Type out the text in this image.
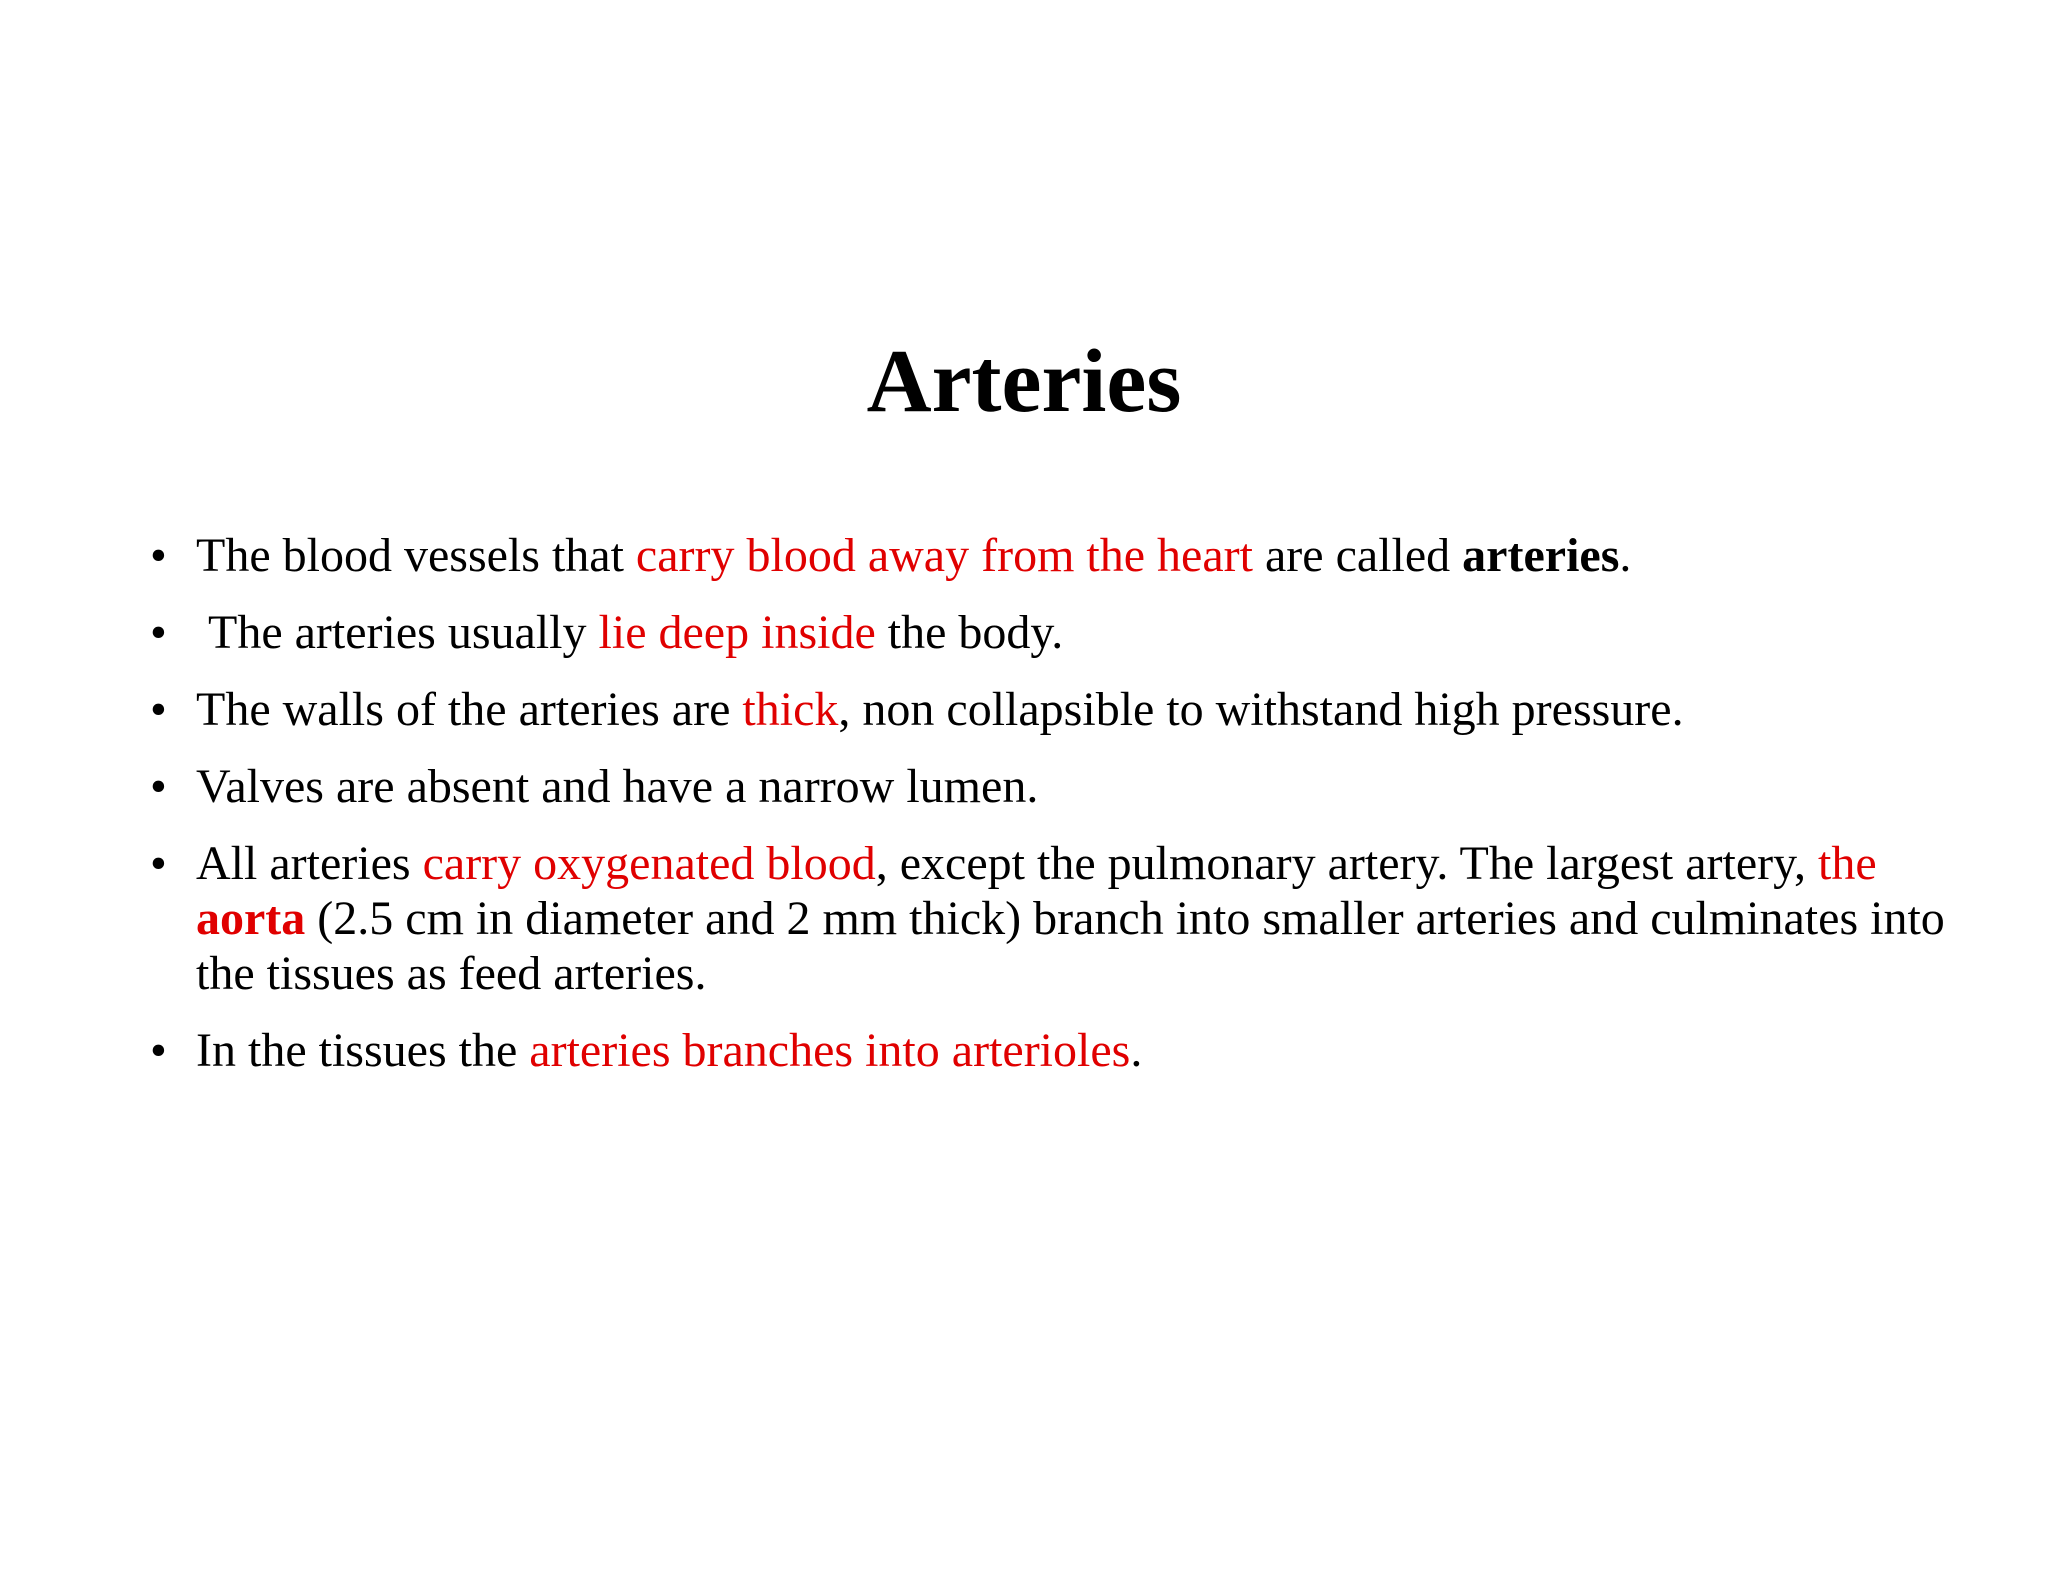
Arteries
• The blood vessels that carry blood away from the heart are called arteries.
• The arteries usually lie deep inside the body.
• The walls of the arteries are thick, non collapsible to withstand high pressure.
• Valves are absent and have a narrow lumen.
• All arteries carry oxygenated blood, except the pulmonary artery. The largest artery, the aorta (2.5 cm in diameter and 2 mm thick) branch into smaller arteries and culminates into the tissues as feed arteries.
• In the tissues the arteries branches into arterioles.
